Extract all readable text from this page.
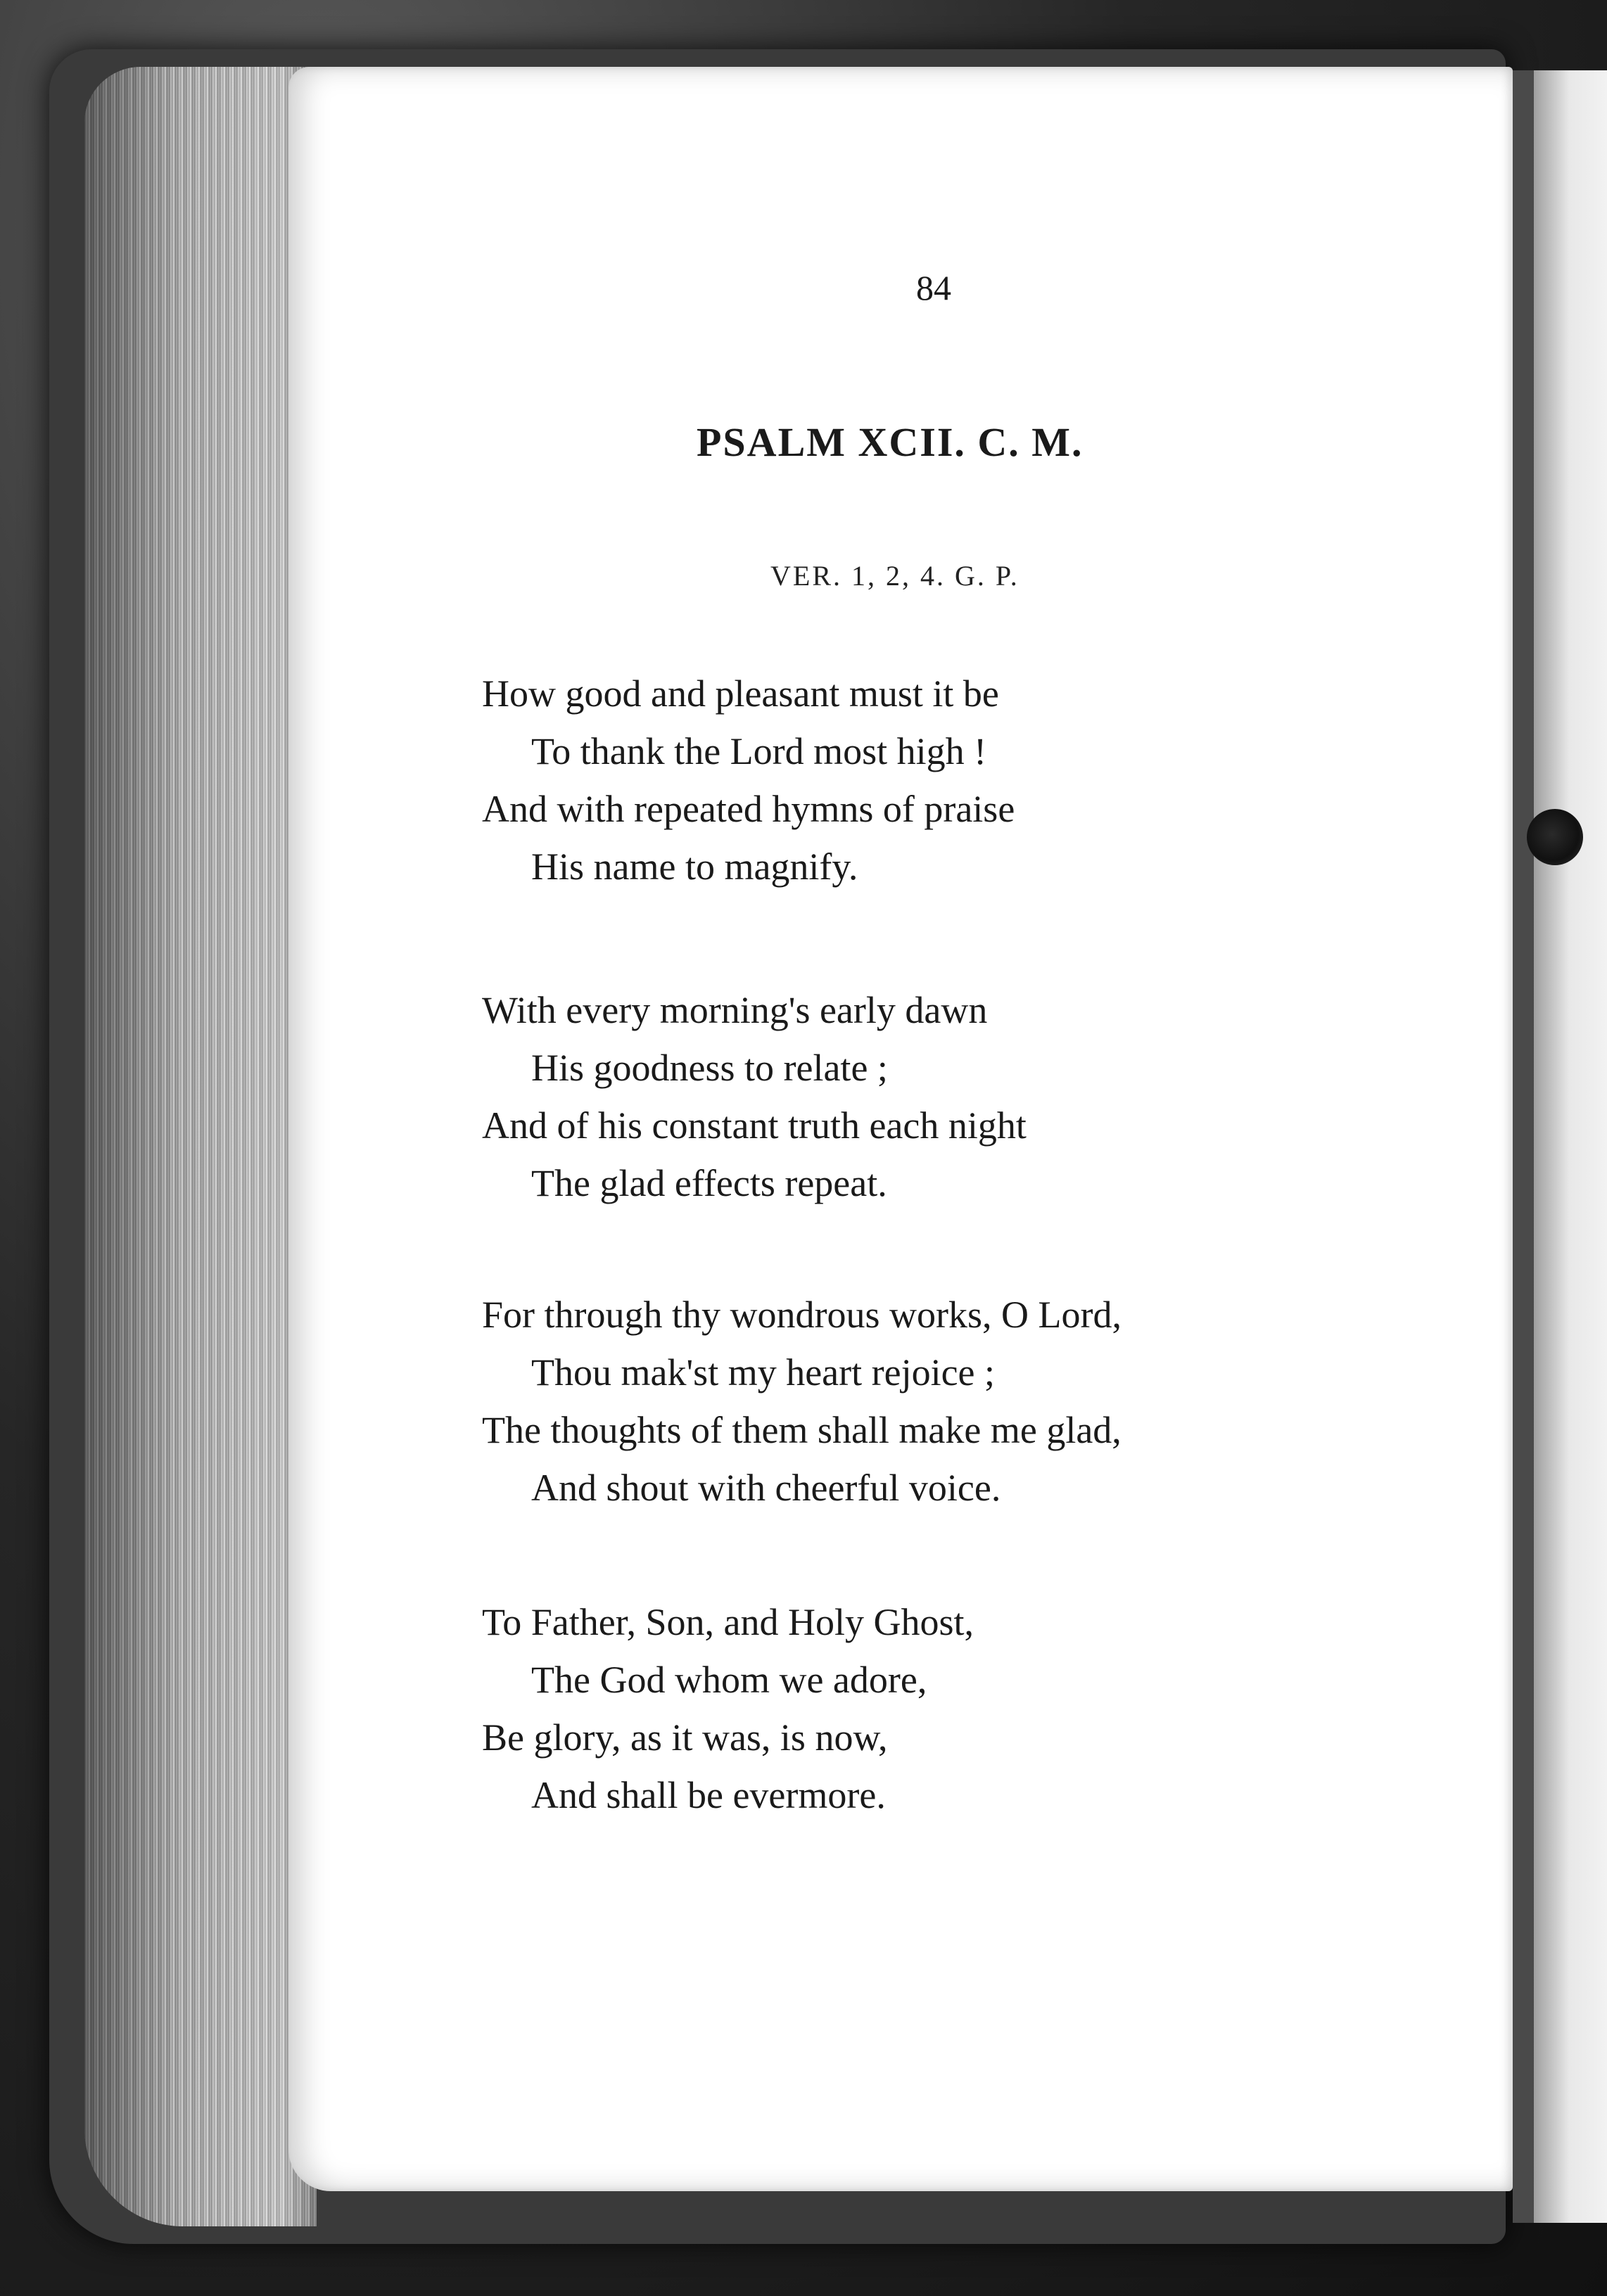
84
PSALM XCII. C. M.
VER. 1, 2, 4. G. P.
How good and pleasant must it be
To thank the Lord most high !
And with repeated hymns of praise
His name to magnify.
With every morning's early dawn
His goodness to relate ;
And of his constant truth each night
The glad effects repeat.
For through thy wondrous works, O Lord,
Thou mak'st my heart rejoice ;
The thoughts of them shall make me glad,
And shout with cheerful voice.
To Father, Son, and Holy Ghost,
The God whom we adore,
Be glory, as it was, is now,
And shall be evermore.
